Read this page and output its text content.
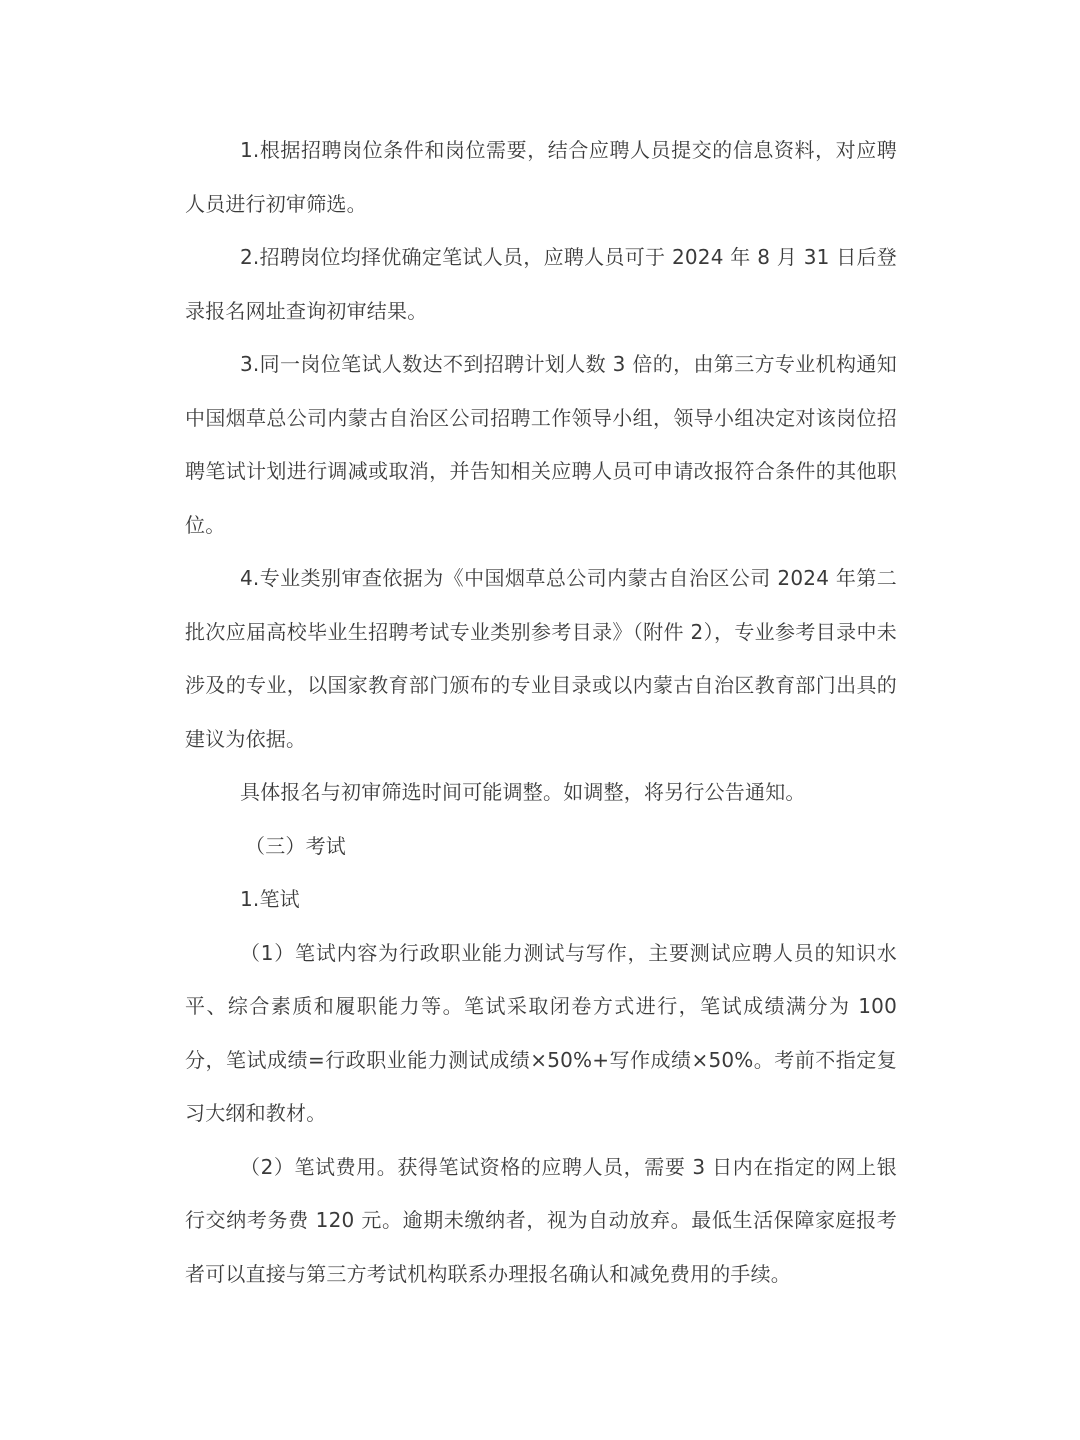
1.根据招聘岗位条件和岗位需要，结合应聘人员提交的信息资料，对应聘人员进行初审筛选。

2.招聘岗位均择优确定笔试人员，应聘人员可于 2024 年 8 月 31 日后登录报名网址查询初审结果。

3.同一岗位笔试人数达不到招聘计划人数 3 倍的，由第三方专业机构通知中国烟草总公司内蒙古自治区公司招聘工作领导小组，领导小组决定对该岗位招聘笔试计划进行调减或取消，并告知相关应聘人员可申请改报符合条件的其他职位。

4.专业类别审查依据为《中国烟草总公司内蒙古自治区公司 2024 年第二批次应届高校毕业生招聘考试专业类别参考目录》（附件 2），专业参考目录中未涉及的专业，以国家教育部门颁布的专业目录或以内蒙古自治区教育部门出具的建议为依据。

具体报名与初审筛选时间可能调整。如调整，将另行公告通知。

（三）考试

1.笔试

（1）笔试内容为行政职业能力测试与写作，主要测试应聘人员的知识水平、综合素质和履职能力等。笔试采取闭卷方式进行，笔试成绩满分为 100 分，笔试成绩=行政职业能力测试成绩×50%+写作成绩×50%。考前不指定复习大纲和教材。

（2）笔试费用。获得笔试资格的应聘人员，需要 3 日内在指定的网上银行交纳考务费 120 元。逾期未缴纳者，视为自动放弃。最低生活保障家庭报考者可以直接与第三方考试机构联系办理报名确认和减免费用的手续。
